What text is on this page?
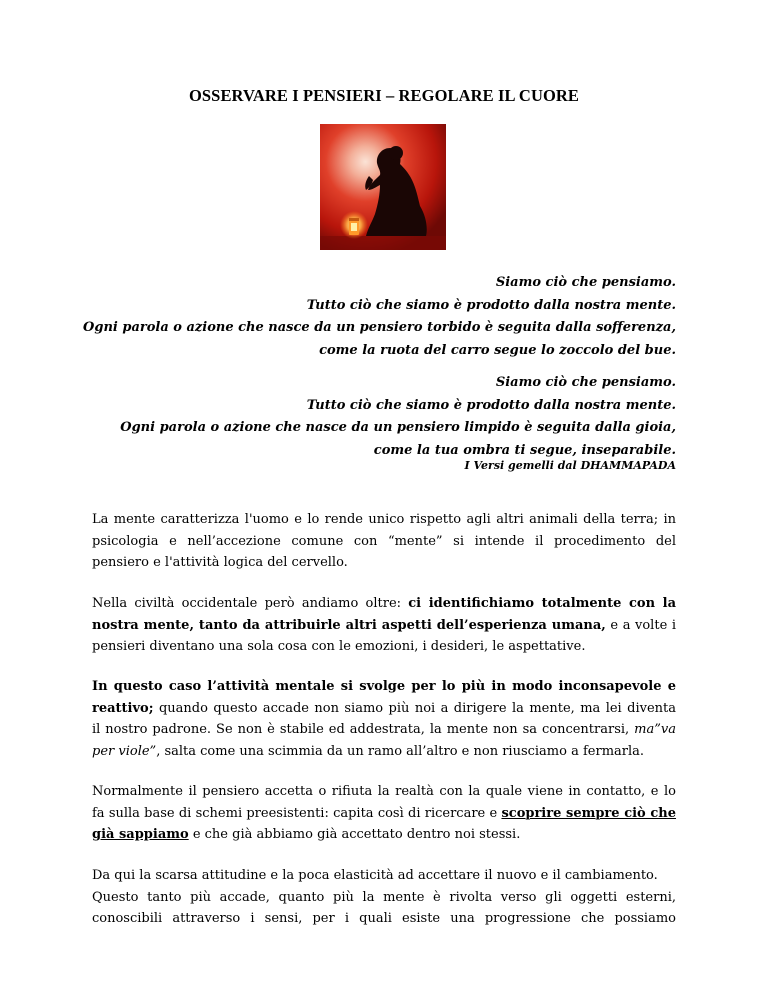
OSSERVARE I PENSIERI – REGOLARE IL CUORE
Siamo ciò che pensiamo.
Tutto ciò che siamo è prodotto dalla nostra mente.
Ogni parola o azione che nasce da un pensiero torbido è seguita dalla sofferenza,
come la ruota del carro segue lo zoccolo del bue.
Siamo ciò che pensiamo.
Tutto ciò che siamo è prodotto dalla nostra mente.
Ogni parola o azione che nasce da un pensiero limpido è seguita dalla gioia,
come la tua ombra ti segue, inseparabile.
I Versi gemelli dal DHAMMAPADA
La mente caratterizza l'uomo e lo rende unico rispetto agli altri animali della terra; in
psicologia e nell’accezione comune con “mente” si intende il procedimento del
pensiero e l'attività logica del cervello.
Nella civiltà occidentale però andiamo oltre: ci identifichiamo totalmente con la
nostra mente, tanto da attribuirle altri aspetti dell’esperienza umana, e a volte i
pensieri diventano una sola cosa con le emozioni, i desideri, le aspettative.
In questo caso l’attività mentale si svolge per lo più in modo inconsapevole e
reattivo; quando questo accade non siamo più noi a dirigere la mente, ma lei diventa
il nostro padrone. Se non è stabile ed addestrata, la mente non sa concentrarsi, ma”va
per viole”, salta come una scimmia da un ramo all’altro e non riusciamo a fermarla.
Normalmente il pensiero accetta o rifiuta la realtà con la quale viene in contatto, e lo
fa sulla base di schemi preesistenti: capita così di ricercare e scoprire sempre ciò che
già sappiamo e che già abbiamo già accettato dentro noi stessi.
Da qui la scarsa attitudine e la poca elasticità ad accettare il nuovo e il cambiamento.
Questo tanto più accade, quanto più la mente è rivolta verso gli oggetti esterni,
conoscibili attraverso i sensi, per i quali esiste una progressione che possiamo
